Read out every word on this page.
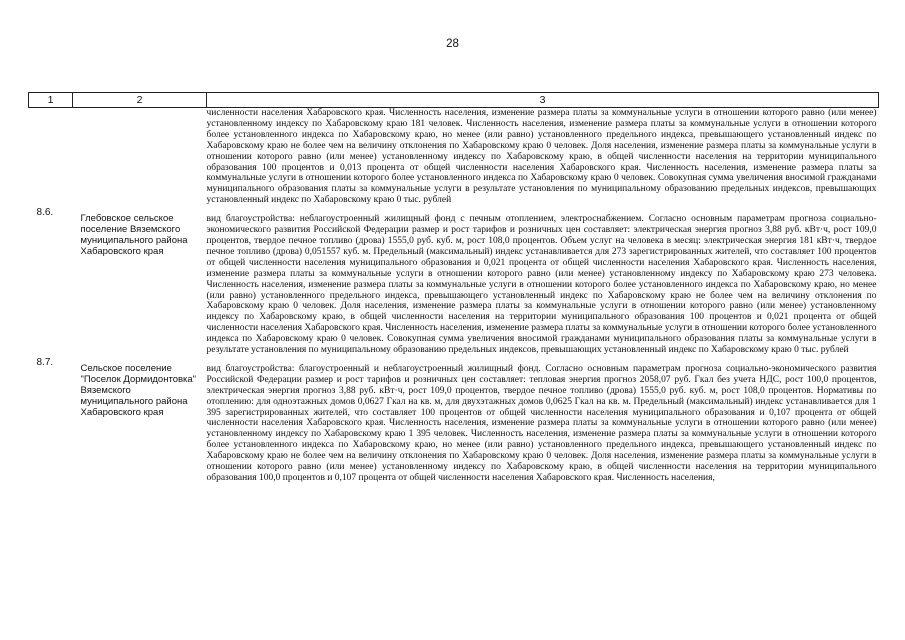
28
1	2	3
		численности населения Хабаровского края. Численность населения, изменение размера платы за коммунальные услуги в отношении которого равно (или менее) установленному индексу по Хабаровскому краю 181 человек. Численность населения, изменение размера платы за коммунальные услуги в отношении которого более установленного индекса по Хабаровскому краю, но менее (или равно) установленного предельного индекса, превышающего установленный индекс по Хабаровскому краю не более чем на величину отклонения по Хабаровскому краю 0 человек. Доля населения, изменение размера платы за коммунальные услуги в отношении которого равно (или менее) установленному индексу по Хабаровскому краю, в общей численности населения на территории муниципального образования 100 процентов и 0,013 процента от общей численности населения Хабаровского края. Численность населения, изменение размера платы за коммунальные услуги в отношении которого более установленного индекса по Хабаровскому краю 0 человек. Совокупная сумма увеличения вносимой гражданами муниципального образования платы за коммунальные услуги в результате установления по муниципальному образованию предельных индексов, превышающих установленный индекс по Хабаровскому краю 0 тыс. рублей
8.6.	Глебовское сельское поселение Вяземского муниципального района Хабаровского края	вид благоустройства: неблагоустроенный жилищный фонд с печным отоплением, электроснабжением. Согласно основным параметрам прогноза социально-экономического развития Российской Федерации размер и рост тарифов и розничных цен составляет: электрическая энергия прогноз 3,88 руб. кВт·ч, рост 109,0 процентов, твердое печное топливо (дрова) 1555,0 руб. куб. м, рост 108,0 процентов. Объем услуг на человека в месяц: электрическая энергия 181 кВт·ч, твердое печное топливо (дрова) 0,051557 куб. м. Предельный (максимальный) индекс устанавливается для 273 зарегистрированных жителей, что составляет 100 процентов от общей численности населения муниципального образования и 0,021 процента от общей численности населения Хабаровского края. Численность населения, изменение размера платы за коммунальные услуги в отношении которого равно (или менее) установленному индексу по Хабаровскому краю 273 человека. Численность населения, изменение размера платы за коммунальные услуги в отношении которого более установленного индекса по Хабаровскому краю, но менее (или равно) установленного предельного индекса, превышающего установленный индекс по Хабаровскому краю не более чем на величину отклонения по Хабаровскому краю 0 человек. Доля населения, изменение размера платы за коммунальные услуги в отношении которого равно (или менее) установленному индексу по Хабаровскому краю, в общей численности населения на территории муниципального образования 100 процентов и 0,021 процента от общей численности населения Хабаровского края. Численность населения, изменение размера платы за коммунальные услуги в отношении которого более установленного индекса по Хабаровскому краю 0 человек. Совокупная сумма увеличения вносимой гражданами муниципального образования платы за коммунальные услуги в результате установления по муниципальному образованию предельных индексов, превышающих установленный индекс по Хабаровскому краю 0 тыс. рублей
8.7.	Сельское поселение "Поселок Дормидонтовка" Вяземского муниципального района Хабаровского края	вид благоустройства: благоустроенный и неблагоустроенный жилищный фонд. Согласно основным параметрам прогноза социально-экономического развития Российской Федерации размер и рост тарифов и розничных цен составляет: тепловая энергия прогноз 2058,07 руб. Гкал без учета НДС, рост 100,0 процентов, электрическая энергия прогноз 3,88 руб. кВт·ч, рост 109,0 процентов, твердое печное топливо (дрова) 1555,0 руб. куб. м, рост 108,0 процентов. Нормативы по отоплению: для одноэтажных домов 0,0627 Гкал на кв. м, для двухэтажных домов 0,0625 Гкал на кв. м. Предельный (максимальный) индекс устанавливается для 1 395 зарегистрированных жителей, что составляет 100 процентов от общей численности населения муниципального образования и 0,107 процента от общей численности населения Хабаровского края. Численность населения, изменение размера платы за коммунальные услуги в отношении которого равно (или менее) установленному индексу по Хабаровскому краю 1 395 человек. Численность населения, изменение размера платы за коммунальные услуги в отношении которого более установленного индекса по Хабаровскому краю, но менее (или равно) установленного предельного индекса, превышающего установленный индекс по Хабаровскому краю не более чем на величину отклонения по Хабаровскому краю 0 человек. Доля населения, изменение размера платы за коммунальные услуги в отношении которого равно (или менее) установленному индексу по Хабаровскому краю, в общей численности населения на территории муниципального образования 100,0 процентов и 0,107 процента от общей численности населения Хабаровского края. Численность населения,
